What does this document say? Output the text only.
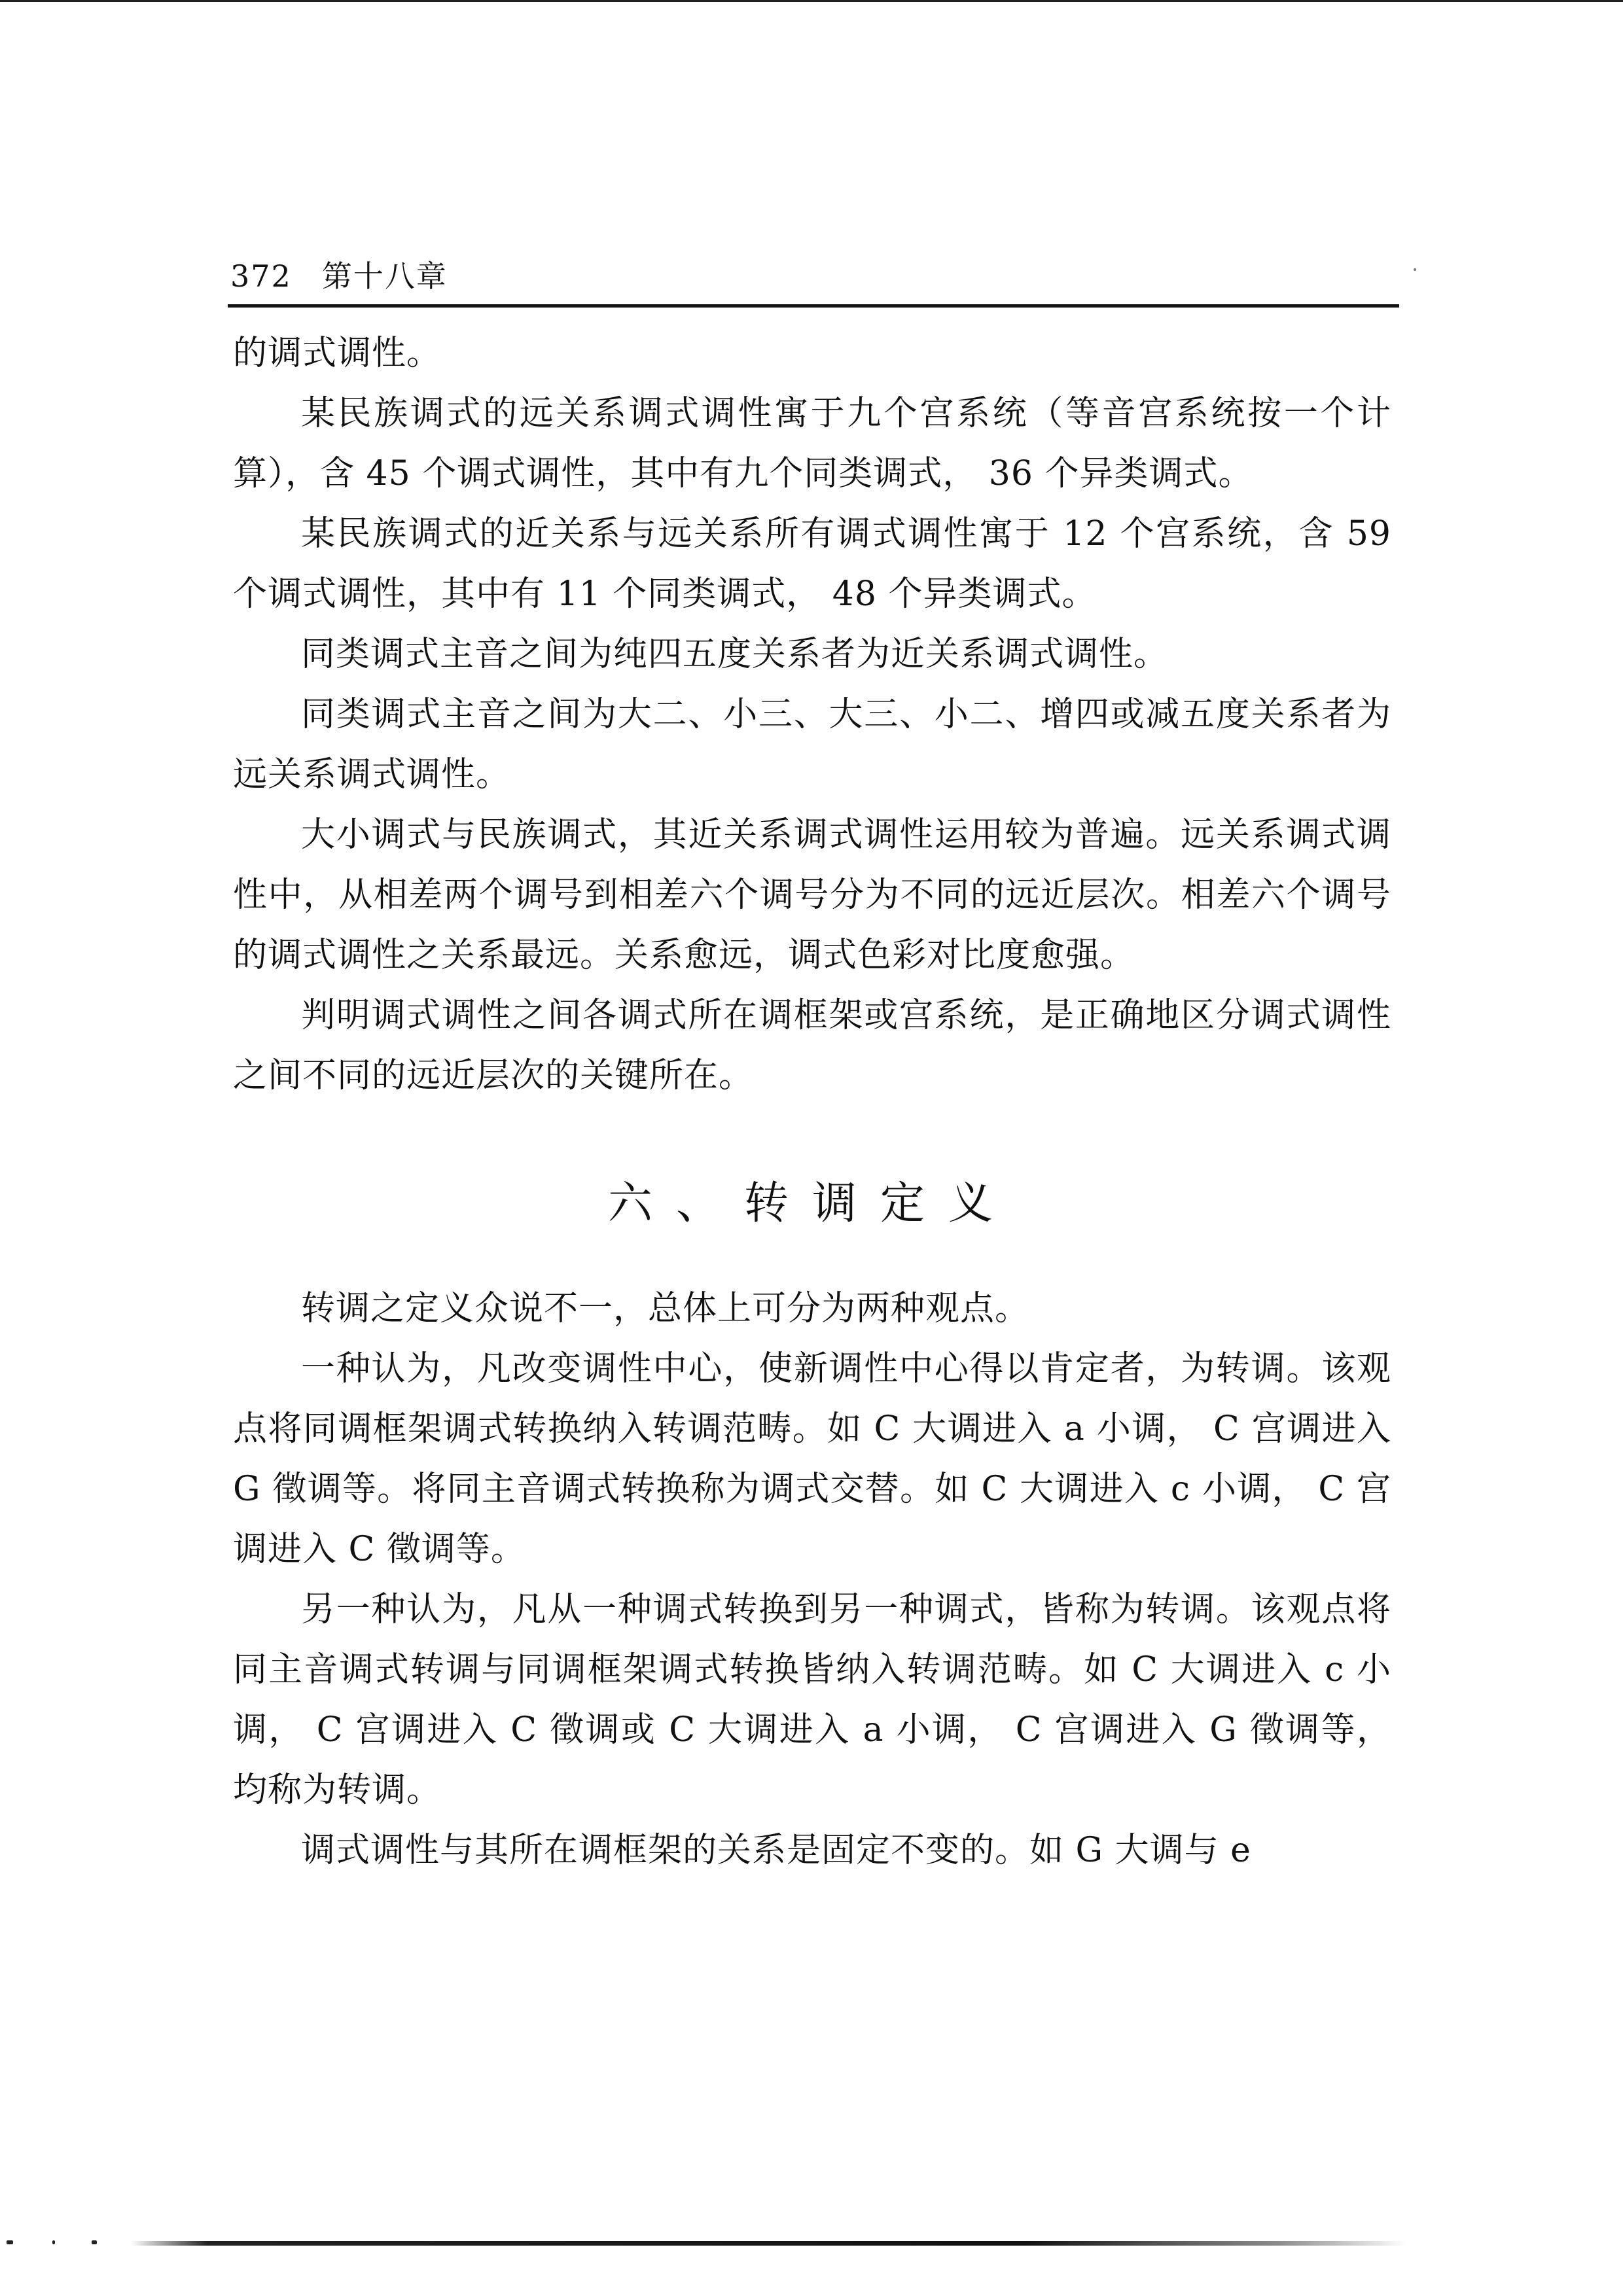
372 第十八章

的调式调性。

某民族调式的远关系调式调性寓于九个宫系统（等音宫系统按一个计算），含 45 个调式调性，其中有九个同类调式， 36 个异类调式。

某民族调式的近关系与远关系所有调式调性寓于 12 个宫系统，含 59 个调式调性，其中有 11 个同类调式， 48 个异类调式。

同类调式主音之间为纯四五度关系者为近关系调式调性。

同类调式主音之间为大二、小三、大三、小二、增四或减五度关系者为远关系调式调性。

大小调式与民族调式，其近关系调式调性运用较为普遍。远关系调式调性中，从相差两个调号到相差六个调号分为不同的远近层次。相差六个调号的调式调性之关系最远。关系愈远，调式色彩对比度愈强。

判明调式调性之间各调式所在调框架或宫系统，是正确地区分调式调性之间不同的远近层次的关键所在。

六、转调定义

转调之定义众说不一，总体上可分为两种观点。

一种认为，凡改变调性中心，使新调性中心得以肯定者，为转调。该观点将同调框架调式转换纳入转调范畴。如 C 大调进入 a 小调， C 宫调进入 G 徵调等。将同主音调式转换称为调式交替。如 C 大调进入 c 小调， C 宫调进入 C 徵调等。

另一种认为，凡从一种调式转换到另一种调式，皆称为转调。该观点将同主音调式转调与同调框架调式转换皆纳入转调范畴。如 C 大调进入 c 小调， C 宫调进入 C 徵调或 C 大调进入 a 小调， C 宫调进入 G 徵调等，均称为转调。

调式调性与其所在调框架的关系是固定不变的。如 G 大调与 e
